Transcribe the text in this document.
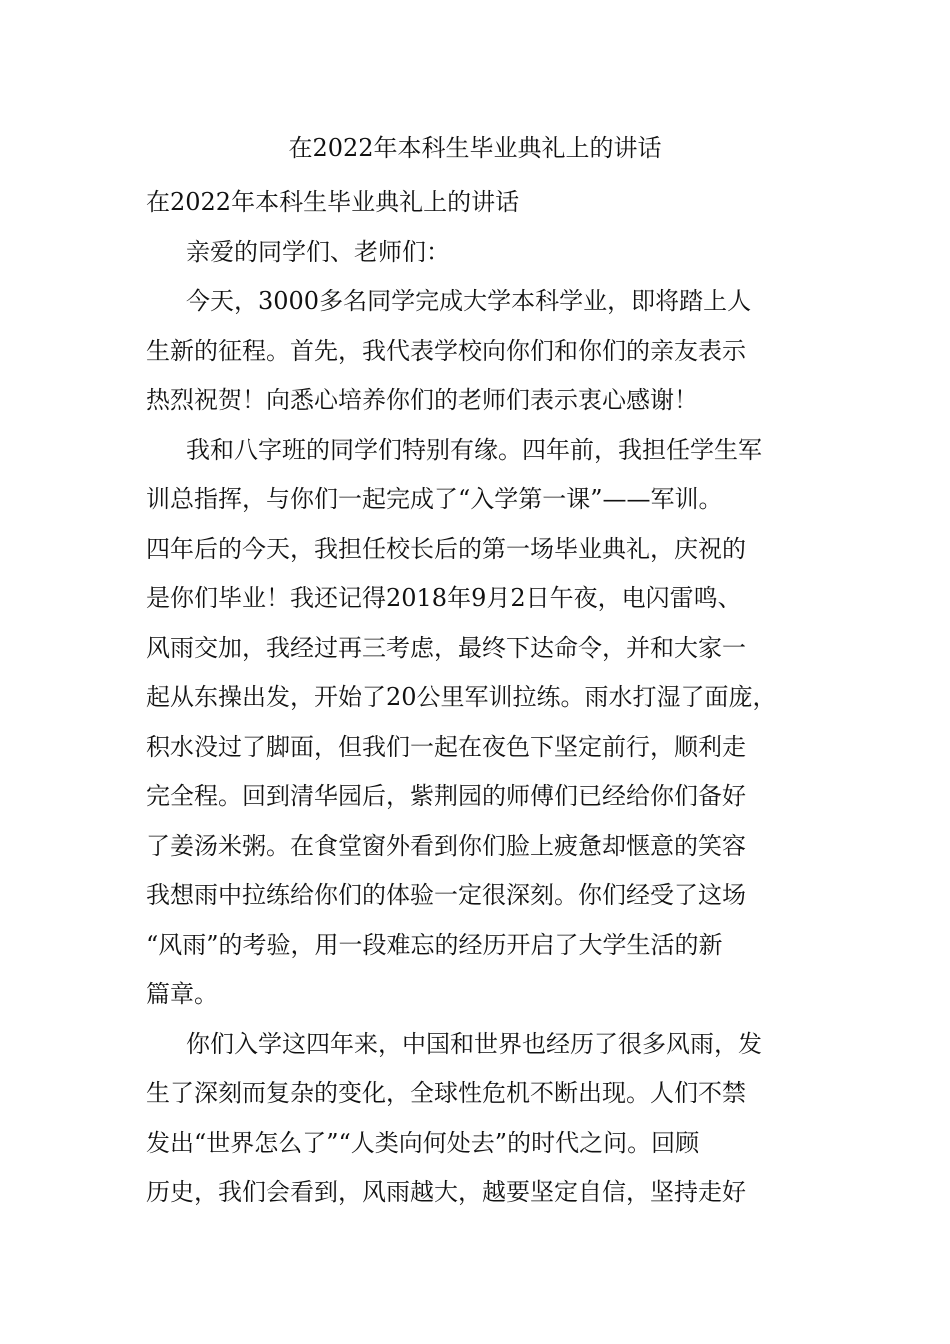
在2022年本科生毕业典礼上的讲话
在2022年本科生毕业典礼上的讲话
亲爱的同学们、老师们：
今天，3000多名同学完成大学本科学业，即将踏上人
生新的征程。首先，我代表学校向你们和你们的亲友表示
热烈祝贺！向悉心培养你们的老师们表示衷心感谢！
我和八字班的同学们特别有缘。四年前，我担任学生军
训总指挥，与你们一起完成了“入学第一课”——军训。
四年后的今天，我担任校长后的第一场毕业典礼，庆祝的
是你们毕业！我还记得2018年9月2日午夜，电闪雷鸣、
风雨交加，我经过再三考虑，最终下达命令，并和大家一
起从东操出发，开始了20公里军训拉练。雨水打湿了面庞，
积水没过了脚面，但我们一起在夜色下坚定前行，顺利走
完全程。回到清华园后，紫荆园的师傅们已经给你们备好
了姜汤米粥。在食堂窗外看到你们脸上疲惫却惬意的笑容
我想雨中拉练给你们的体验一定很深刻。你们经受了这场
“风雨”的考验，用一段难忘的经历开启了大学生活的新
篇章。
你们入学这四年来，中国和世界也经历了很多风雨，发
生了深刻而复杂的变化，全球性危机不断出现。人们不禁
发出“世界怎么了”“人类向何处去”的时代之问。回顾
历史，我们会看到，风雨越大，越要坚定自信，坚持走好
